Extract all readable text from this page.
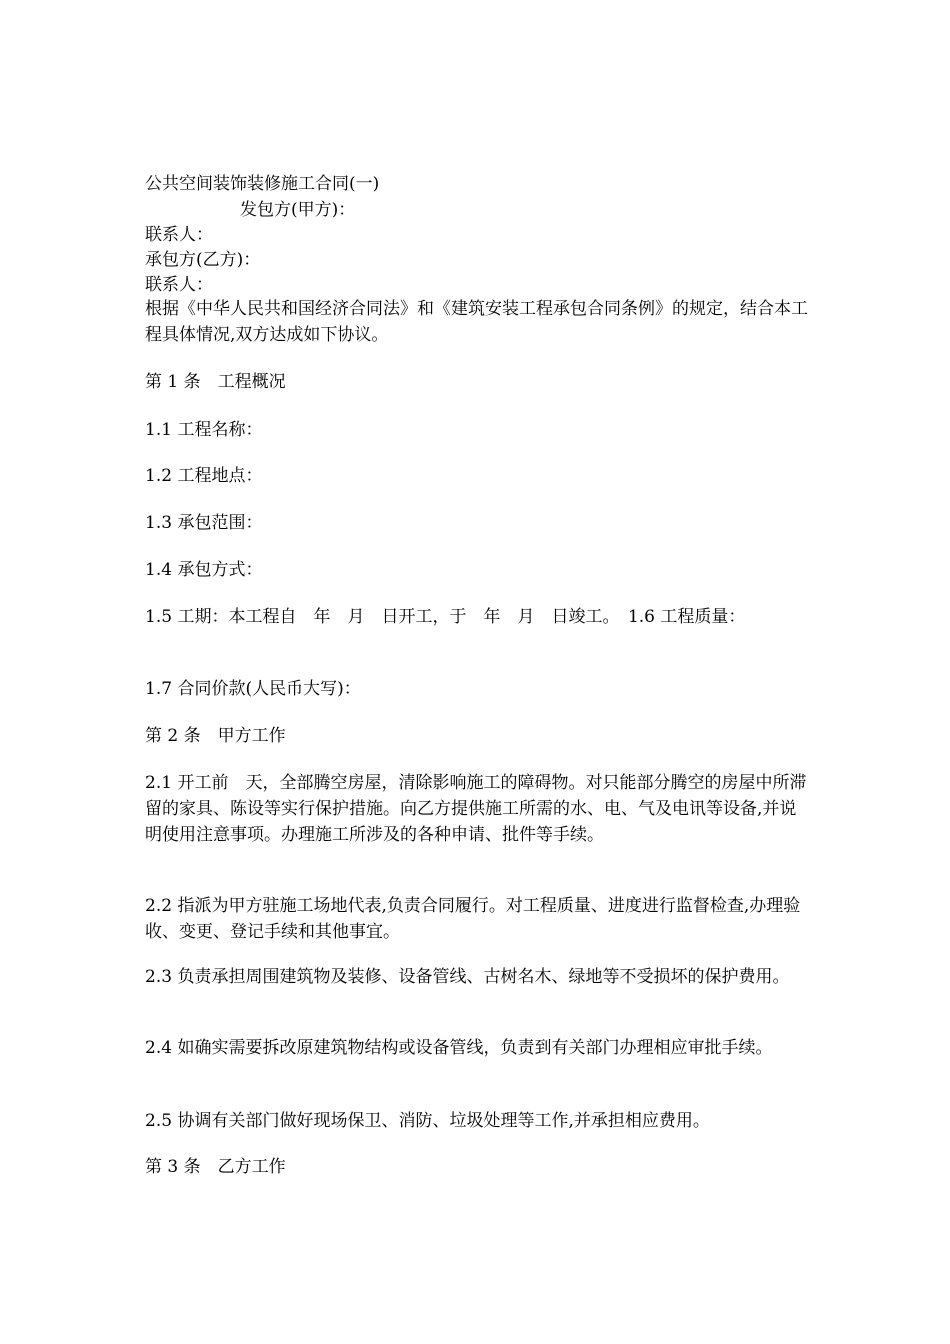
公共空间装饰装修施工合同(一)
发包方(甲方)：
联系人：
承包方(乙方)：
联系人：
根据《中华人民共和国经济合同法》和《建筑安装工程承包合同条例》的规定，结合本工程具体情况,双方达成如下协议。
第 1 条　工程概况
1.1 工程名称：
1.2 工程地点：
1.3 承包范围：
1.4 承包方式：
1.5 工期：本工程自　年　月　日开工，于　年　月　日竣工。　1.6 工程质量：
1.7 合同价款(人民币大写)：
第 2 条　甲方工作
2.1 开工前　天，全部腾空房屋，清除影响施工的障碍物。对只能部分腾空的房屋中所滞留的家具、陈设等实行保护措施。向乙方提供施工所需的水、电、气及电讯等设备,并说明使用注意事项。办理施工所涉及的各种申请、批件等手续。
2.2 指派为甲方驻施工场地代表,负责合同履行。对工程质量、进度进行监督检查,办理验收、变更、登记手续和其他事宜。
2.3 负责承担周围建筑物及装修、设备管线、古树名木、绿地等不受损坏的保护费用。
2.4 如确实需要拆改原建筑物结构或设备管线，负责到有关部门办理相应审批手续。
2.5 协调有关部门做好现场保卫、消防、垃圾处理等工作,并承担相应费用。
第 3 条　乙方工作
